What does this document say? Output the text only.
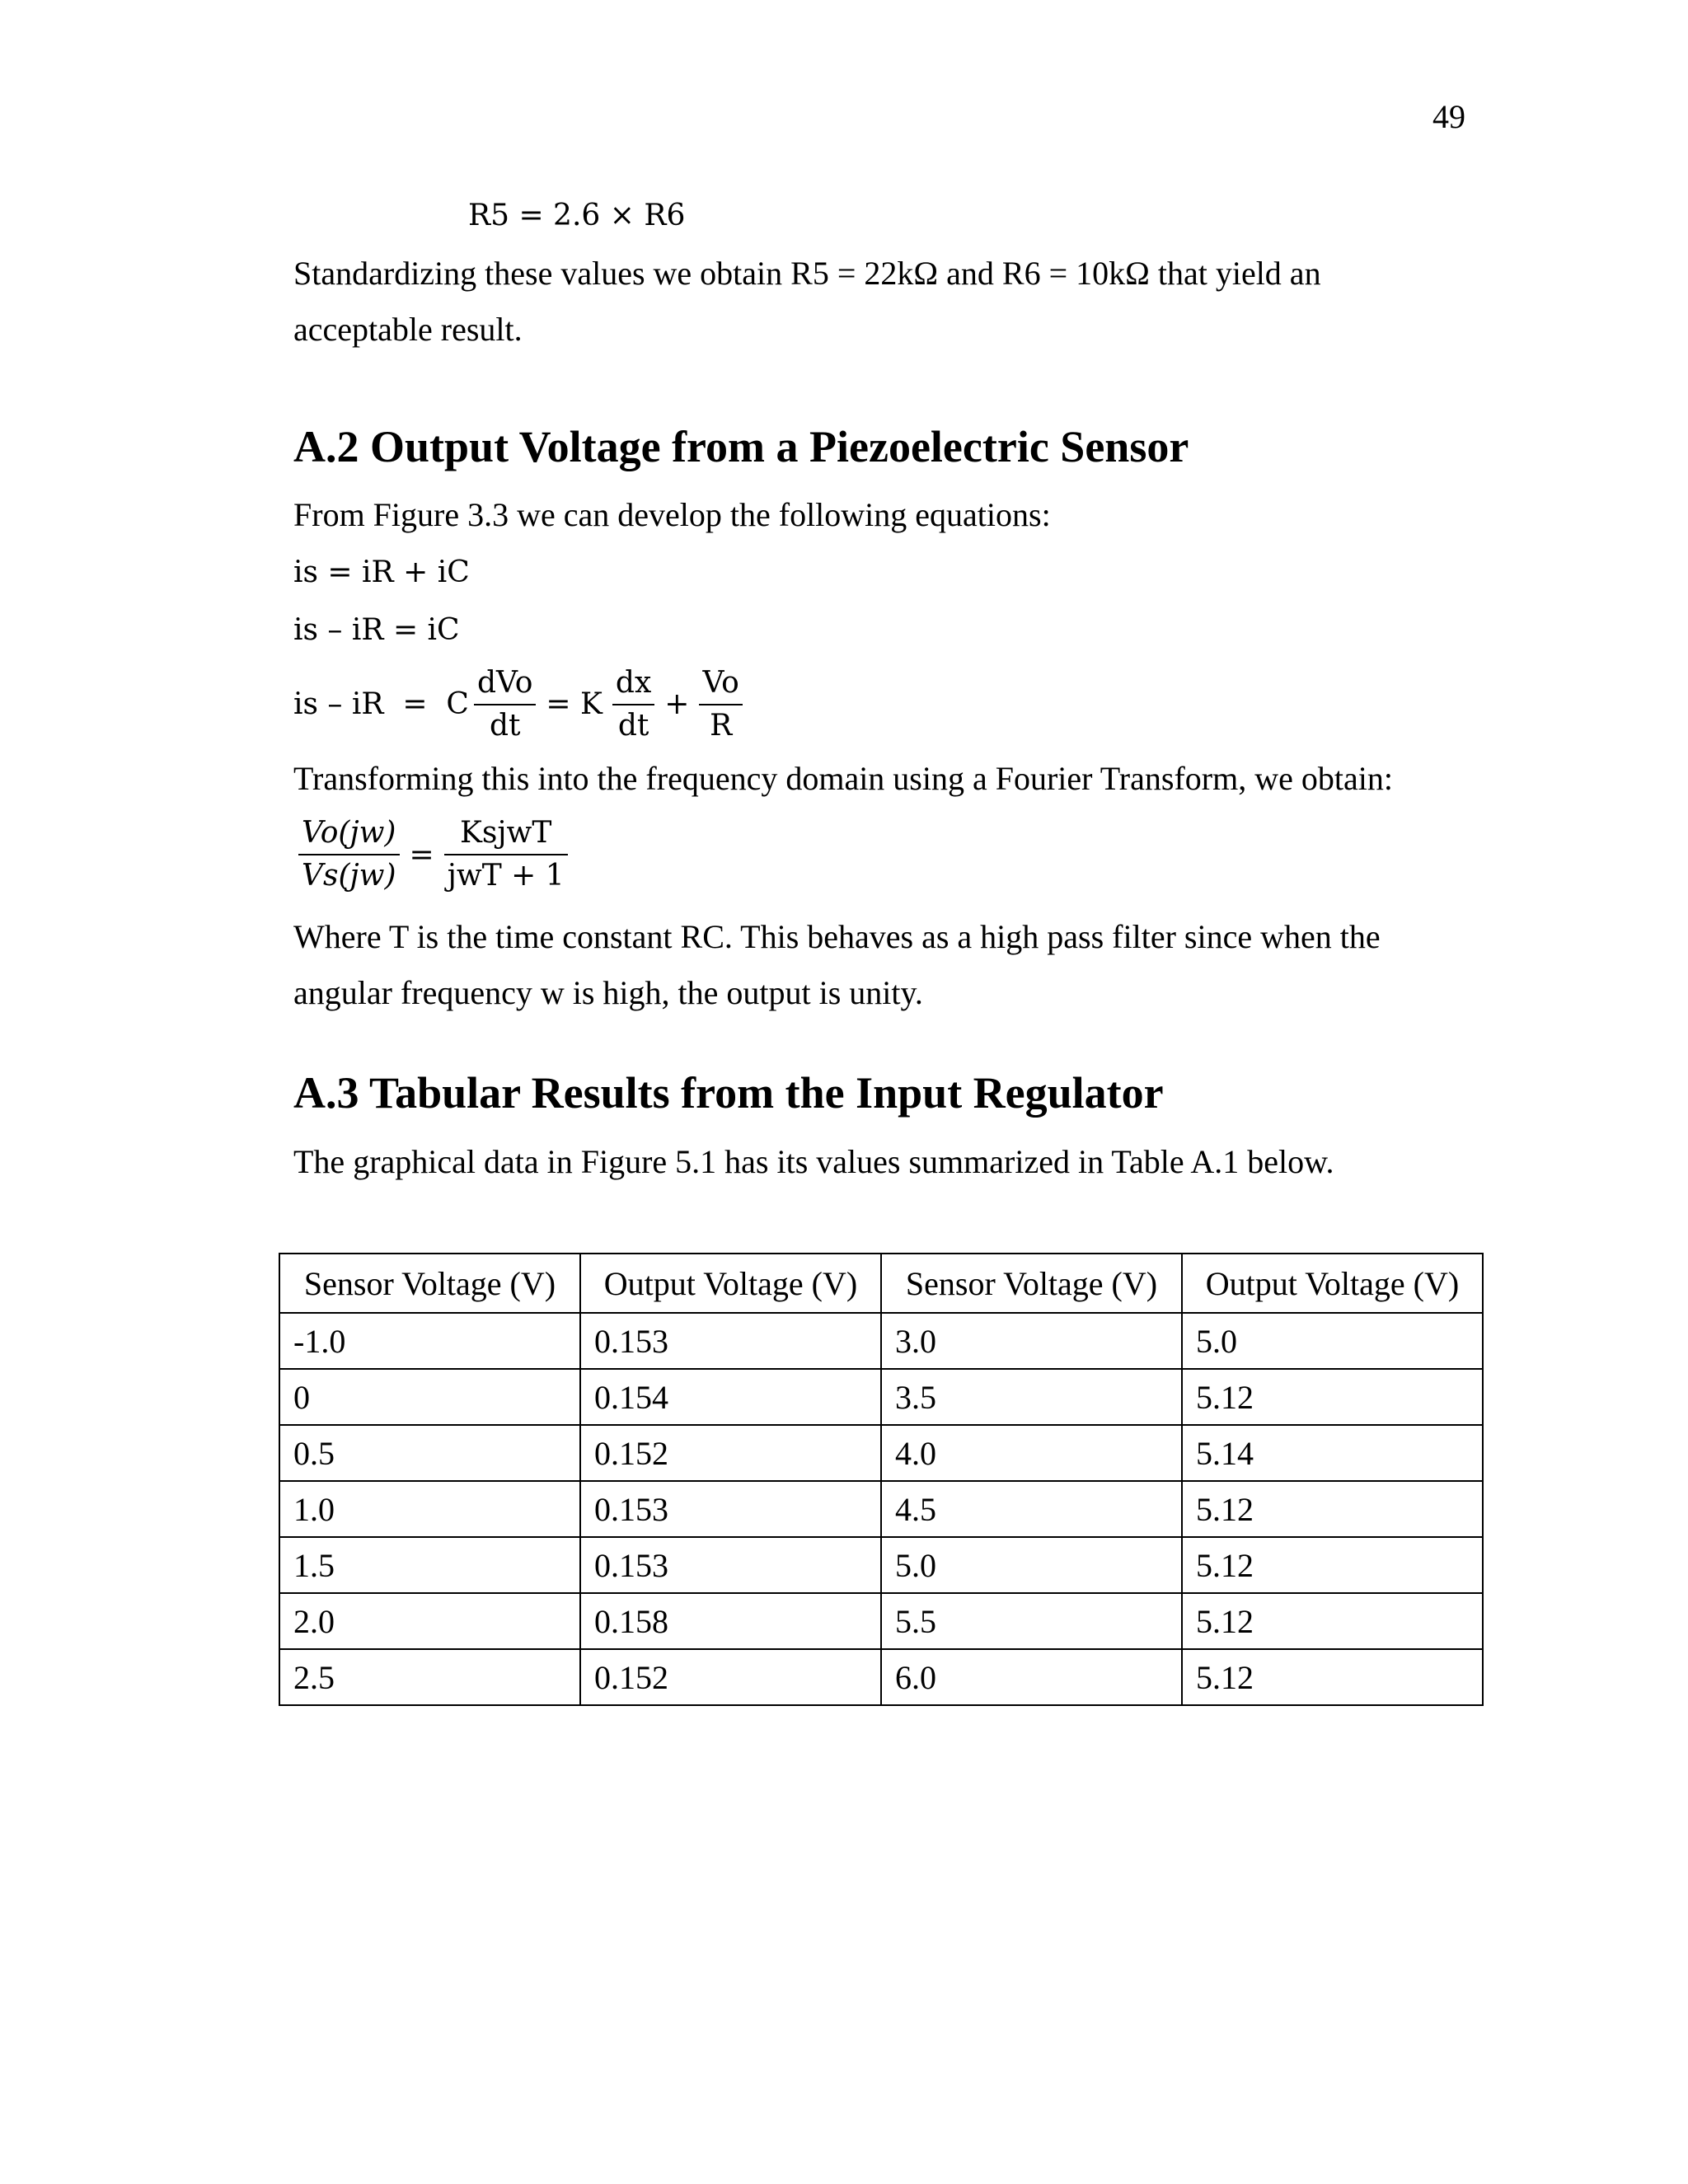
49
R5 = 2.6 × R6
Standardizing these values we obtain R5 = 22kΩ and R6 = 10kΩ that yield an acceptable result.
A.2 Output Voltage from a Piezoelectric Sensor
From Figure 3.3 we can develop the following equations:
is = iR + iC
is – iR = iC
is – iR  =  C $\frac{\text{dVo}}{dt} = K \frac{dx}{dt} + \frac{Vo}{R}$
Transforming this into the frequency domain using a Fourier Transform, we obtain:
$\frac{Vo(jw)}{Vs(jw)} = \frac{\text{KsjwT}}{\text{jwT + 1}}$
Where T is the time constant RC. This behaves as a high pass filter since when the angular frequency w is high, the output is unity.
A.3 Tabular Results from the Input Regulator
The graphical data in Figure 5.1 has its values summarized in Table A.1 below.
Sensor Voltage (V)	Output Voltage (V)	Sensor Voltage (V)	Output Voltage (V)
-1.0	0.153	3.0	5.0
0	0.154	3.5	5.12
0.5	0.152	4.0	5.14
1.0	0.153	4.5	5.12
1.5	0.153	5.0	5.12
2.0	0.158	5.5	5.12
2.5	0.152	6.0	5.12
